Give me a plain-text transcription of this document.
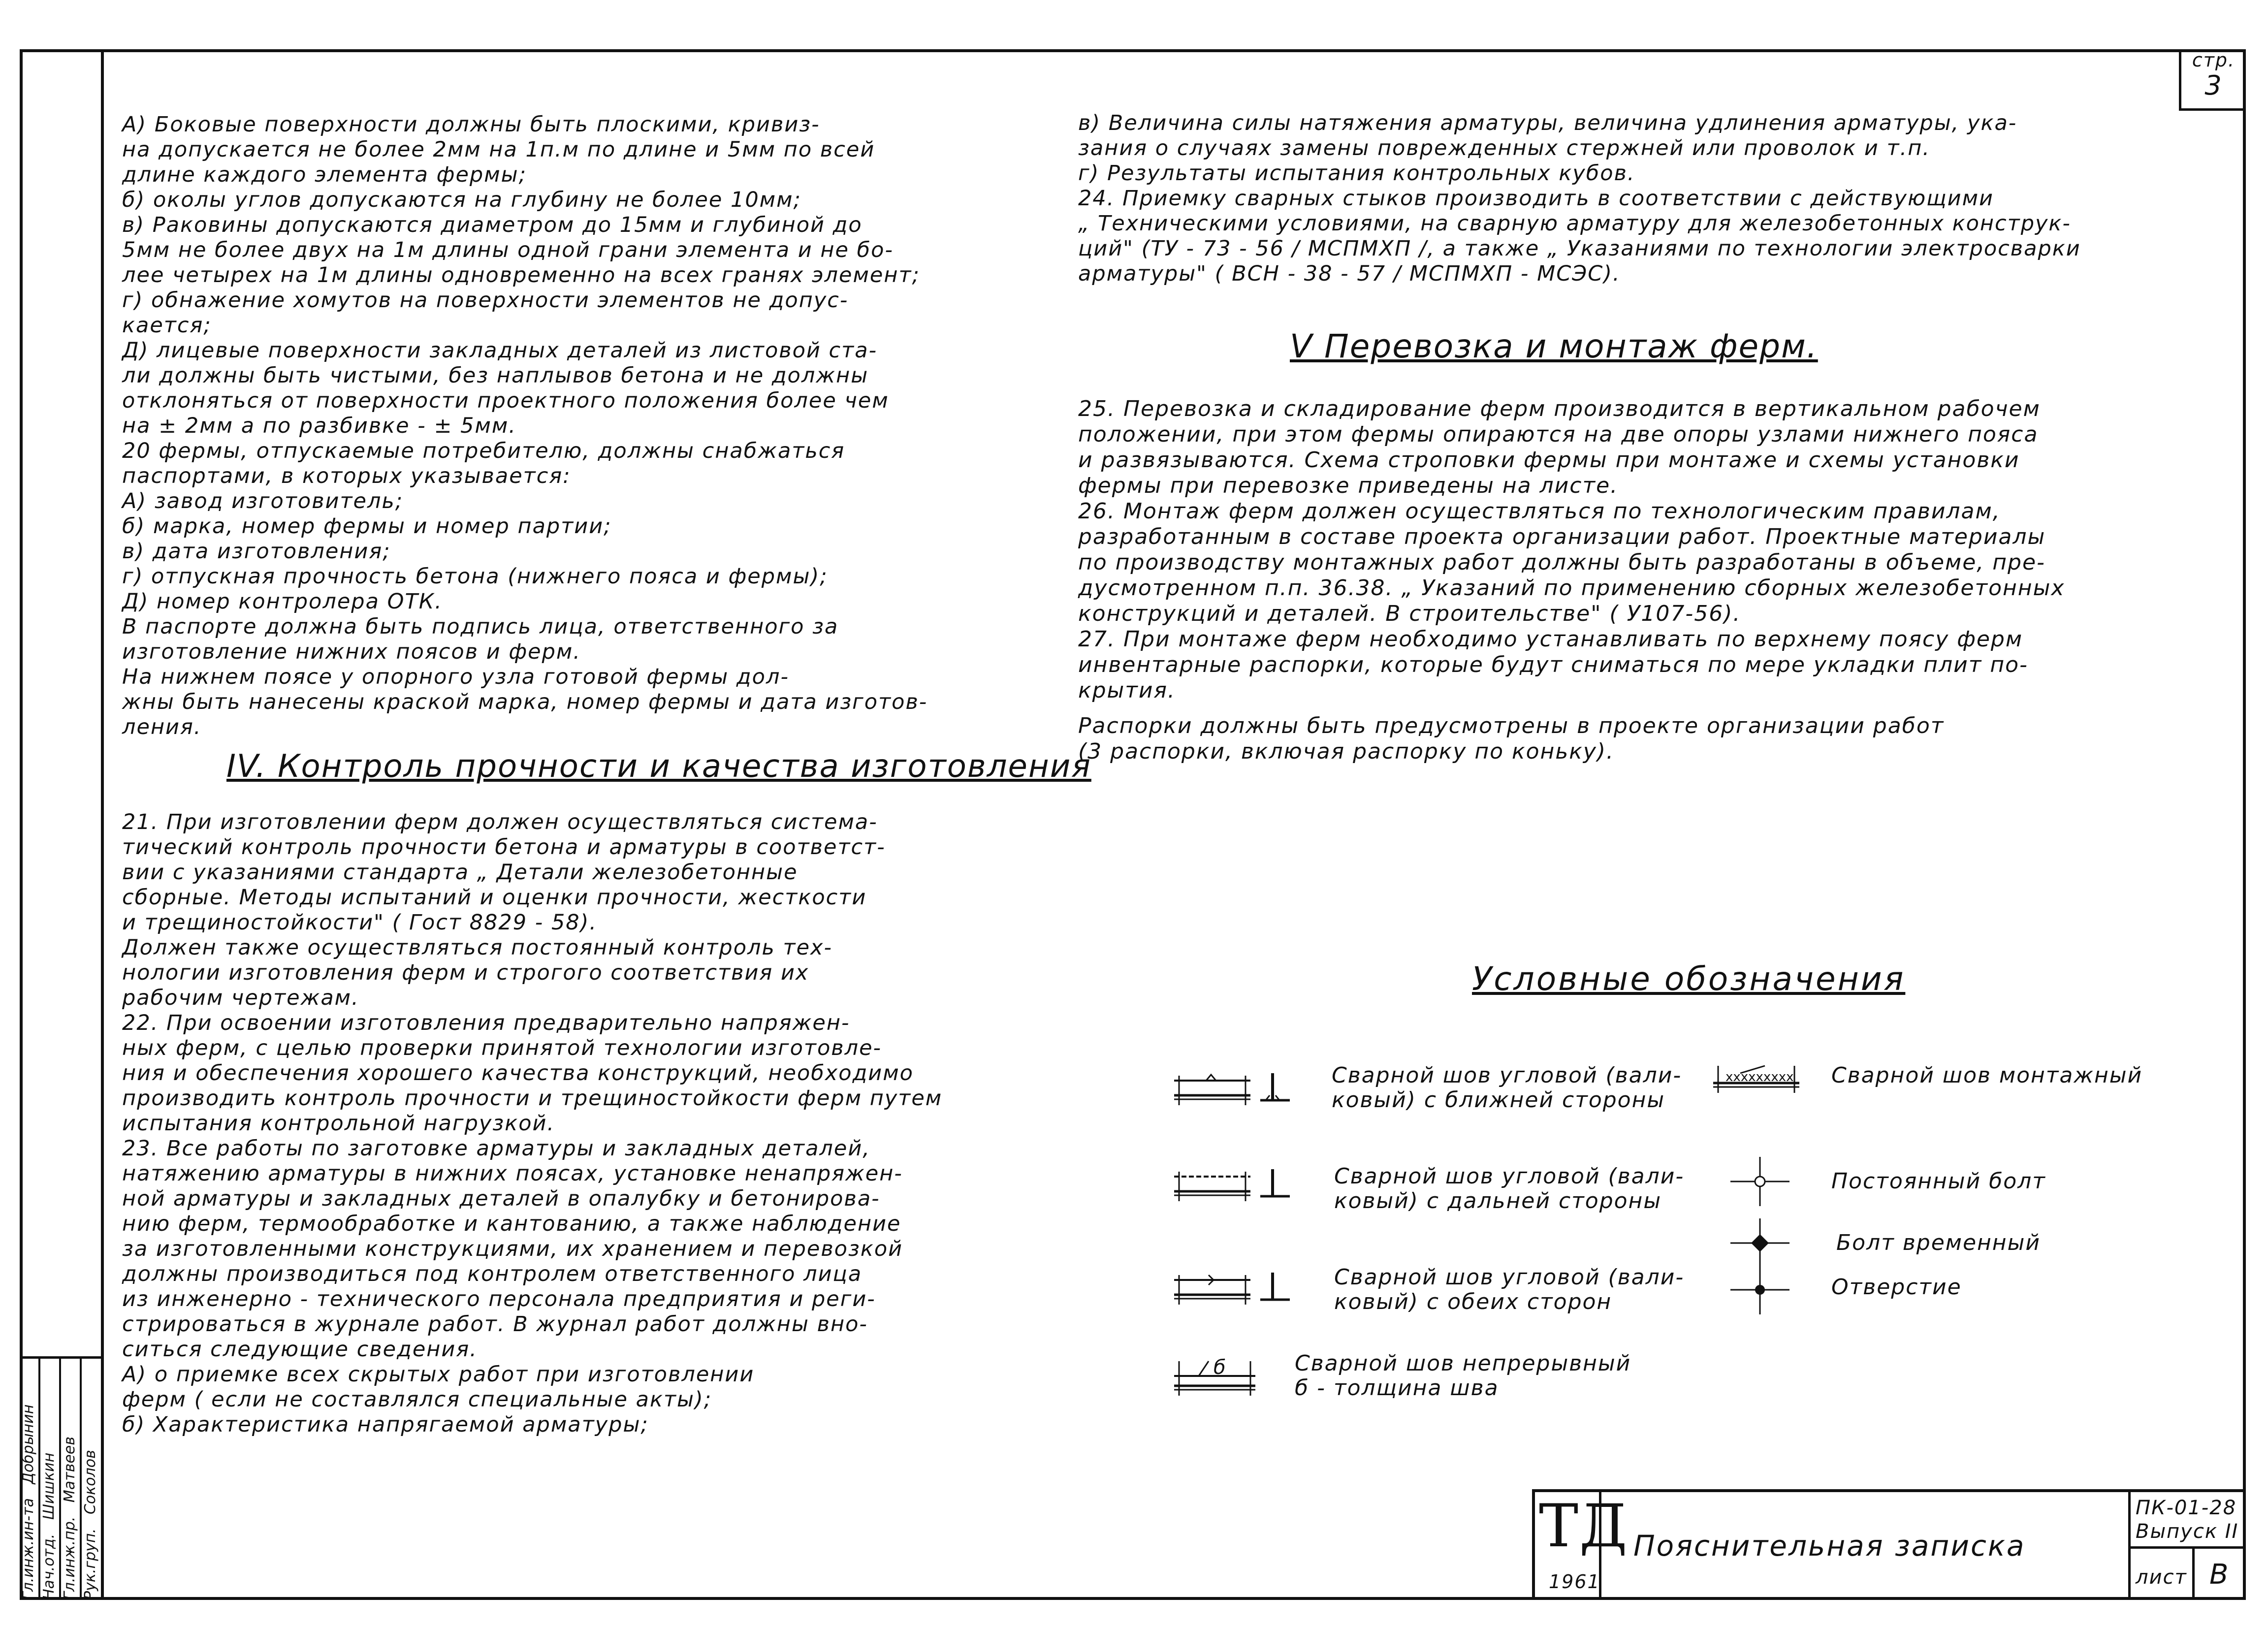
стр.
3

А) Боковые поверхности должны быть плоскими, кривиз-

на допускается не более 2мм на 1п.м по длине и 5мм по всей

длине каждого элемента фермы;

б) околы углов допускаются на глубину не более 10мм;

в) Раковины допускаются диаметром до 15мм и глубиной до

5мм не более двух на 1м длины одной грани элемента и не бо-

лее четырех на 1м длины одновременно на всех гранях элемент;

г) обнажение хомутов на поверхности элементов не допус-

кается;

Д) лицевые поверхности закладных деталей из листовой ста-

ли должны быть чистыми, без наплывов бетона и не должны

отклоняться от поверхности проектного положения более чем

на ± 2мм а по разбивке - ± 5мм.

20 фермы, отпускаемые потребителю, должны снабжаться

паспортами, в которых указывается:

А) завод изготовитель;

б) марка, номер фермы и номер партии;

в) дата изготовления;

г) отпускная прочность бетона (нижнего пояса и фермы);

Д) номер контролера ОТК.

В паспорте должна быть подпись лица, ответственного за

изготовление нижних поясов и ферм.

На нижнем поясе у опорного узла готовой фермы дол-

жны быть нанесены краской марка, номер фермы и дата изготов-

ления.

IV. Контроль прочности и качества изготовления

21. При изготовлении ферм должен осуществляться система-

тический контроль прочности бетона и арматуры в соответст-

вии с указаниями стандарта „ Детали железобетонные

сборные. Методы испытаний и оценки прочности, жесткости

и трещиностойкости" ( Гост 8829 - 58).

Должен также осуществляться постоянный контроль тех-

нологии изготовления ферм и строгого соответствия их

рабочим чертежам.

22. При освоении изготовления предварительно напряжен-

ных ферм, с целью проверки принятой технологии изготовле-

ния и обеспечения хорошего качества конструкций, необходимо

производить контроль прочности и трещиностойкости ферм путем

испытания контрольной нагрузкой.

23. Все работы по заготовке арматуры и закладных деталей,

натяжению арматуры в нижних поясах, установке ненапряжен-

ной арматуры и закладных деталей в опалубку и бетонирова-

нию ферм, термообработке и кантованию, а также наблюдение

за изготовленными конструкциями, их хранением и перевозкой

должны производиться под контролем ответственного лица

из инженерно - технического персонала предприятия и реги-

стрироваться в журнале работ. В журнал работ должны вно-

ситься следующие сведения.

А) о приемке всех скрытых работ при изготовлении

ферм ( если не составлялся специальные акты);

б) Характеристика напрягаемой арматуры;

в) Величина силы натяжения арматуры, величина удлинения арматуры, ука-

зания о случаях замены поврежденных стержней или проволок и т.п.

г) Результаты испытания контрольных кубов.

24. Приемку сварных стыков производить в соответствии с действующими

„ Техническими условиями, на сварную арматуру для железобетонных конструк-

ций" (ТУ - 73 - 56 / МСПМХП /, а также „ Указаниями по технологии электросварки

арматуры" ( ВСН - 38 - 57 / МСПМХП - МСЭС).

V Перевозка и монтаж ферм.

25. Перевозка и складирование ферм производится в вертикальном рабочем

положении, при этом фермы опираются на две опоры узлами нижнего пояса

и развязываются. Схема строповки фермы при монтаже и схемы установки

фермы при перевозке приведены на листе.

26. Монтаж ферм должен осуществляться по технологическим правилам,

разработанным в составе проекта организации работ. Проектные материалы

по производству монтажных работ должны быть разработаны в объеме, пре-

дусмотренном п.п. 36.38. „ Указаний по применению сборных железобетонных

конструкций и деталей. В строительстве" ( У107-56).

27. При монтаже ферм необходимо устанавливать по верхнему поясу ферм

инвентарные распорки, которые будут сниматься по мере укладки плит по-

крытия.

Распорки должны быть предусмотрены в проекте организации работ

(3 распорки, включая распорку по коньку).

Условные обозначения
Сварной шов угловой (вали-
ковый) с ближней стороны
Сварной шов угловой (вали-
ковый) с дальней стороны
Сварной шов угловой (вали-
ковый) с обеих сторон
б	Сварной шов непрерывный
б - толщина шва
xxxxxxxxx Сварной шов монтажный
Постоянный болт
Болт временный
Отверстие
Гл.инж.ин-та   Добрынин
Нач.отд.   Шишкин
Гл.инж.пр.   Матвеев
Рук.груп.   Соколов
ТД
1961
Пояснительная записка
ПК-01-28
Выпуск II
лист В
